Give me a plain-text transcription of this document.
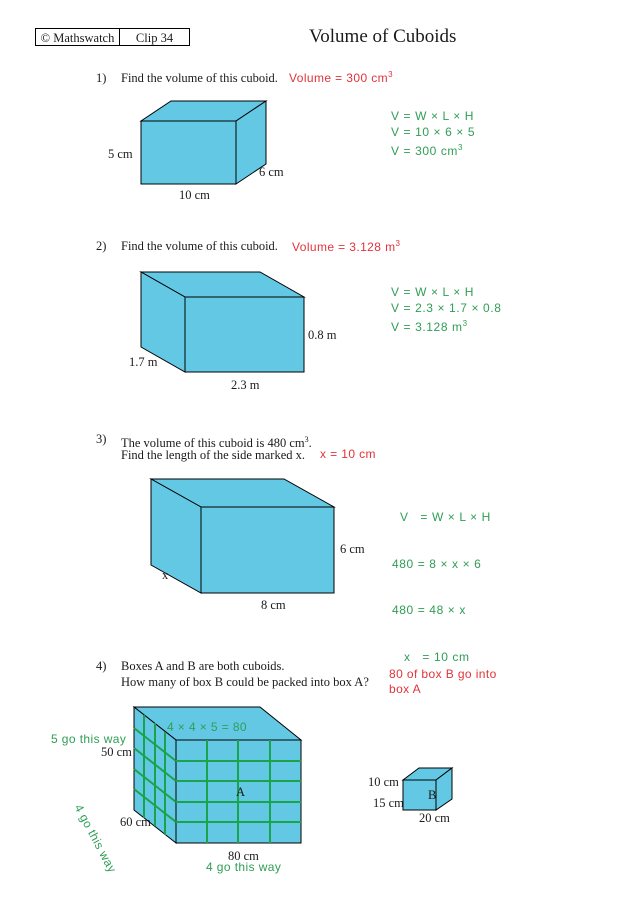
© Mathswatch	Clip 34	Volume of Cuboids
1) Find the volume of this cuboid. Volume = 300 $cm^3$
V = W × L × H
V = 10 × 6 × 5
V = 300 $cm^3$
5 cm
6 cm
10 cm
2) Find the volume of this cuboid. Volume = 3.128 $m^3$
V = W × L × H
V = 2.3 × 1.7 × 0.8
V = 3.128 $m^3$
0.8 m
1.7 m
2.3 m
3) The volume of this cuboid is 480 $cm^3$.
Find the length of the side marked x. x = 10 cm

V   = W × L × H

480 = 8 × x × 6

480 = 48 × x

x   = 10 cm

6 cm
x
8 cm
4) Boxes A and B are both cuboids.
How many of box B could be packed into box A?
80 of box B go into
box A
4 × 4 × 5 = 80
5 go this way
4 go this way	4 go this way
50 cm
60 cm
80 cm
A
10 cm
15 cm
20 cm
B
